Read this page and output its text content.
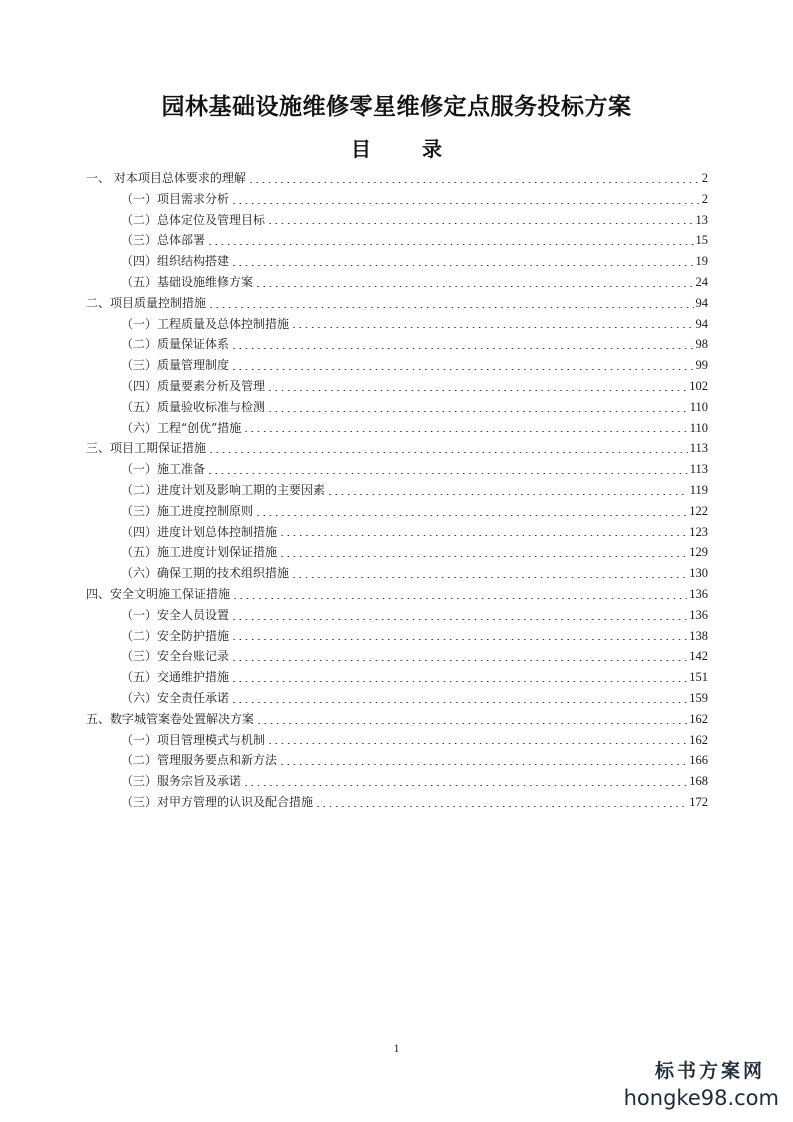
园林基础设施维修零星维修定点服务投标方案
目 录
一、 对本项目总体要求的理解	2
（一）项目需求分析	2
（二）总体定位及管理目标	13
（三）总体部署	15
（四）组织结构搭建	19
（五）基础设施维修方案	24
二、项目质量控制措施	94
（一）工程质量及总体控制措施	94
（二）质量保证体系	98
（三）质量管理制度	99
（四）质量要素分析及管理	102
（五）质量验收标准与检测	110
（六）工程“创优”措施	110
三、项目工期保证措施	113
（一）施工准备	113
（二）进度计划及影响工期的主要因素	119
（三）施工进度控制原则	122
（四）进度计划总体控制措施	123
（五）施工进度计划保证措施	129
（六）确保工期的技术组织措施	130
四、安全文明施工保证措施	136
（一）安全人员设置	136
（二）安全防护措施	138
（三）安全台账记录	142
（五）交通维护措施	151
（六）安全责任承诺	159
五、数字城管案卷处置解决方案	162
（一）项目管理模式与机制	162
（二）管理服务要点和新方法	166
（三）服务宗旨及承诺	168
（三）对甲方管理的认识及配合措施	172
1
标书方案网
hongke98.com
